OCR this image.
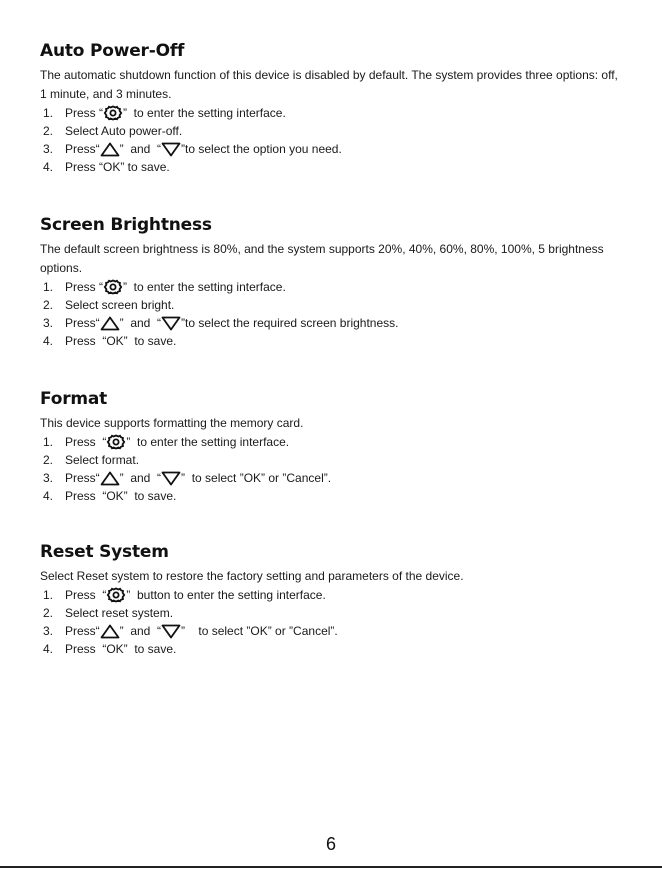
Auto Power-Off

The automatic shutdown function of this device is disabled by default. The system provides three options: off, 1 minute, and 3 minutes.

1. Press “ ”  to enter the setting interface.
2. Select Auto power-off.
3. Press“ ”  and  “ ”to select the option you need.
4. Press “OK” to save.
Screen Brightness

The default screen brightness is 80%, and the system supports 20%, 40%, 60%, 80%, 100%, 5 brightness options.

1. Press “ ”  to enter the setting interface.
2. Select screen bright.
3. Press“ ”  and  “ ”to select the required screen brightness.
4. Press  “OK”  to save.
Format

This device supports formatting the memory card.

1. Press  “ ”  to enter the setting interface.
2. Select format.
3. Press“ ”  and  “ ”  to select ”OK” or ”Cancel”.
4. Press  “OK”  to save.
Reset System

Select Reset system to restore the factory setting and parameters of the device.

1. Press  “ ”  button to enter the setting interface.
2. Select reset system.
3. Press“ ”  and  “ ”    to select ”OK” or ”Cancel”.
4. Press  “OK”  to save.
6
